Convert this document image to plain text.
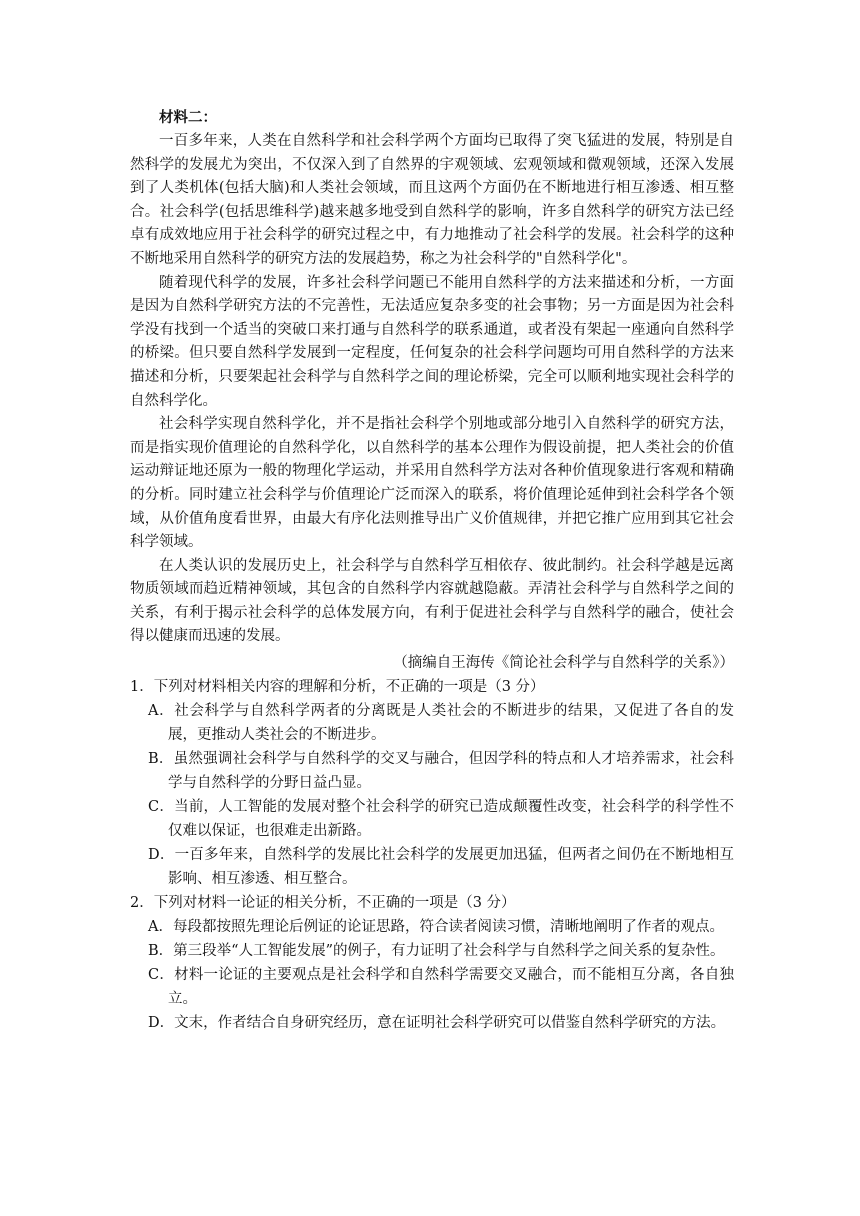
材料二：

一百多年来，人类在自然科学和社会科学两个方面均已取得了突飞猛进的发展，特别是自然科学的发展尤为突出，不仅深入到了自然界的宇观领域、宏观领域和微观领域，还深入发展到了人类机体(包括大脑)和人类社会领域，而且这两个方面仍在不断地进行相互渗透、相互整合。社会科学(包括思维科学)越来越多地受到自然科学的影响，许多自然科学的研究方法已经卓有成效地应用于社会科学的研究过程之中，有力地推动了社会科学的发展。社会科学的这种不断地采用自然科学的研究方法的发展趋势，称之为社会科学的"自然科学化"。

随着现代科学的发展，许多社会科学问题已不能用自然科学的方法来描述和分析，一方面是因为自然科学研究方法的不完善性，无法适应复杂多变的社会事物；另一方面是因为社会科学没有找到一个适当的突破口来打通与自然科学的联系通道，或者没有架起一座通向自然科学的桥梁。但只要自然科学发展到一定程度，任何复杂的社会科学问题均可用自然科学的方法来描述和分析，只要架起社会科学与自然科学之间的理论桥梁，完全可以顺利地实现社会科学的自然科学化。

社会科学实现自然科学化，并不是指社会科学个别地或部分地引入自然科学的研究方法，而是指实现价值理论的自然科学化，以自然科学的基本公理作为假设前提，把人类社会的价值运动辩证地还原为一般的物理化学运动，并采用自然科学方法对各种价值现象进行客观和精确的分析。同时建立社会科学与价值理论广泛而深入的联系，将价值理论延伸到社会科学各个领域，从价值角度看世界，由最大有序化法则推导出广义价值规律，并把它推广应用到其它社会科学领域。

在人类认识的发展历史上，社会科学与自然科学互相依存、彼此制约。社会科学越是远离物质领域而趋近精神领域，其包含的自然科学内容就越隐蔽。弄清社会科学与自然科学之间的关系，有利于揭示社会科学的总体发展方向，有利于促进社会科学与自然科学的融合，使社会得以健康而迅速的发展。

（摘编自王海传《简论社会科学与自然科学的关系》）

1．下列对材料相关内容的理解和分析，不正确的一项是（3 分）

A．社会科学与自然科学两者的分离既是人类社会的不断进步的结果，又促进了各自的发展，更推动人类社会的不断进步。

B．虽然强调社会科学与自然科学的交叉与融合，但因学科的特点和人才培养需求，社会科学与自然科学的分野日益凸显。

C．当前，人工智能的发展对整个社会科学的研究已造成颠覆性改变，社会科学的科学性不仅难以保证，也很难走出新路。

D．一百多年来，自然科学的发展比社会科学的发展更加迅猛，但两者之间仍在不断地相互影响、相互渗透、相互整合。

2．下列对材料一论证的相关分析，不正确的一项是（3 分）

A．每段都按照先理论后例证的论证思路，符合读者阅读习惯，清晰地阐明了作者的观点。

B．第三段举“人工智能发展”的例子，有力证明了社会科学与自然科学之间关系的复杂性。

C．材料一论证的主要观点是社会科学和自然科学需要交叉融合，而不能相互分离，各自独立。

D．文末，作者结合自身研究经历，意在证明社会科学研究可以借鉴自然科学研究的方法。
